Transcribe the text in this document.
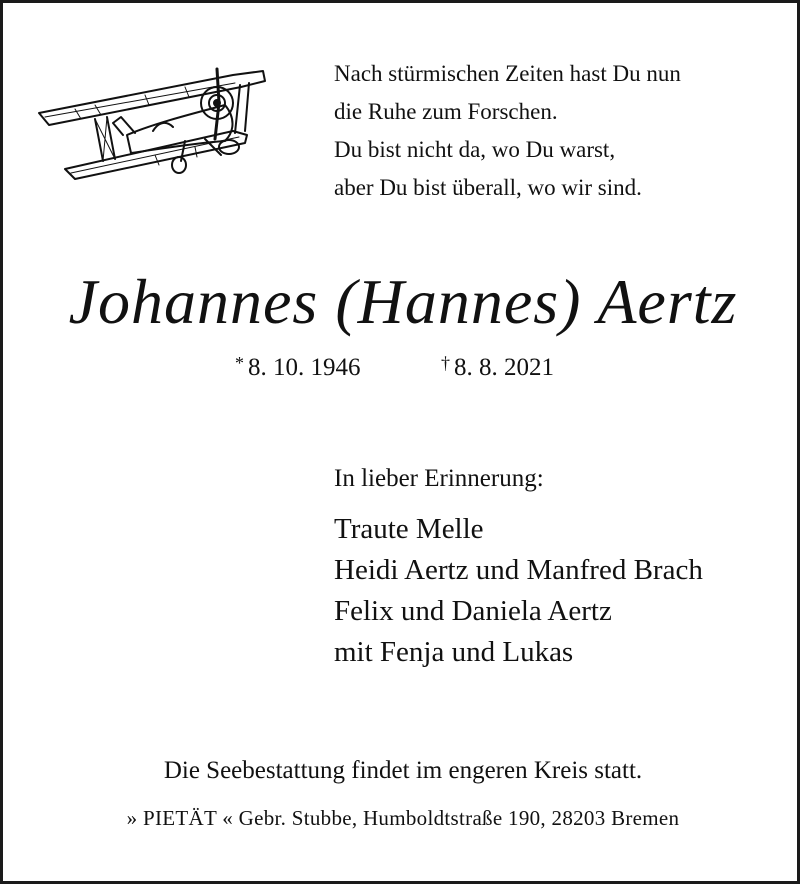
Nach stürmischen Zeiten hast Du nun
die Ruhe zum Forschen.
Du bist nicht da, wo Du warst,
aber Du bist überall, wo wir sind.
Johannes (Hannes) Aertz
* 8. 10. 1946	† 8. 8. 2021
In lieber Erinnerung:
Traute Melle
Heidi Aertz und Manfred Brach
Felix und Daniela Aertz
mit Fenja und Lukas
Die Seebestattung findet im engeren Kreis statt.
» PIETÄT « Gebr. Stubbe, Humboldtstraße 190, 28203 Bremen
